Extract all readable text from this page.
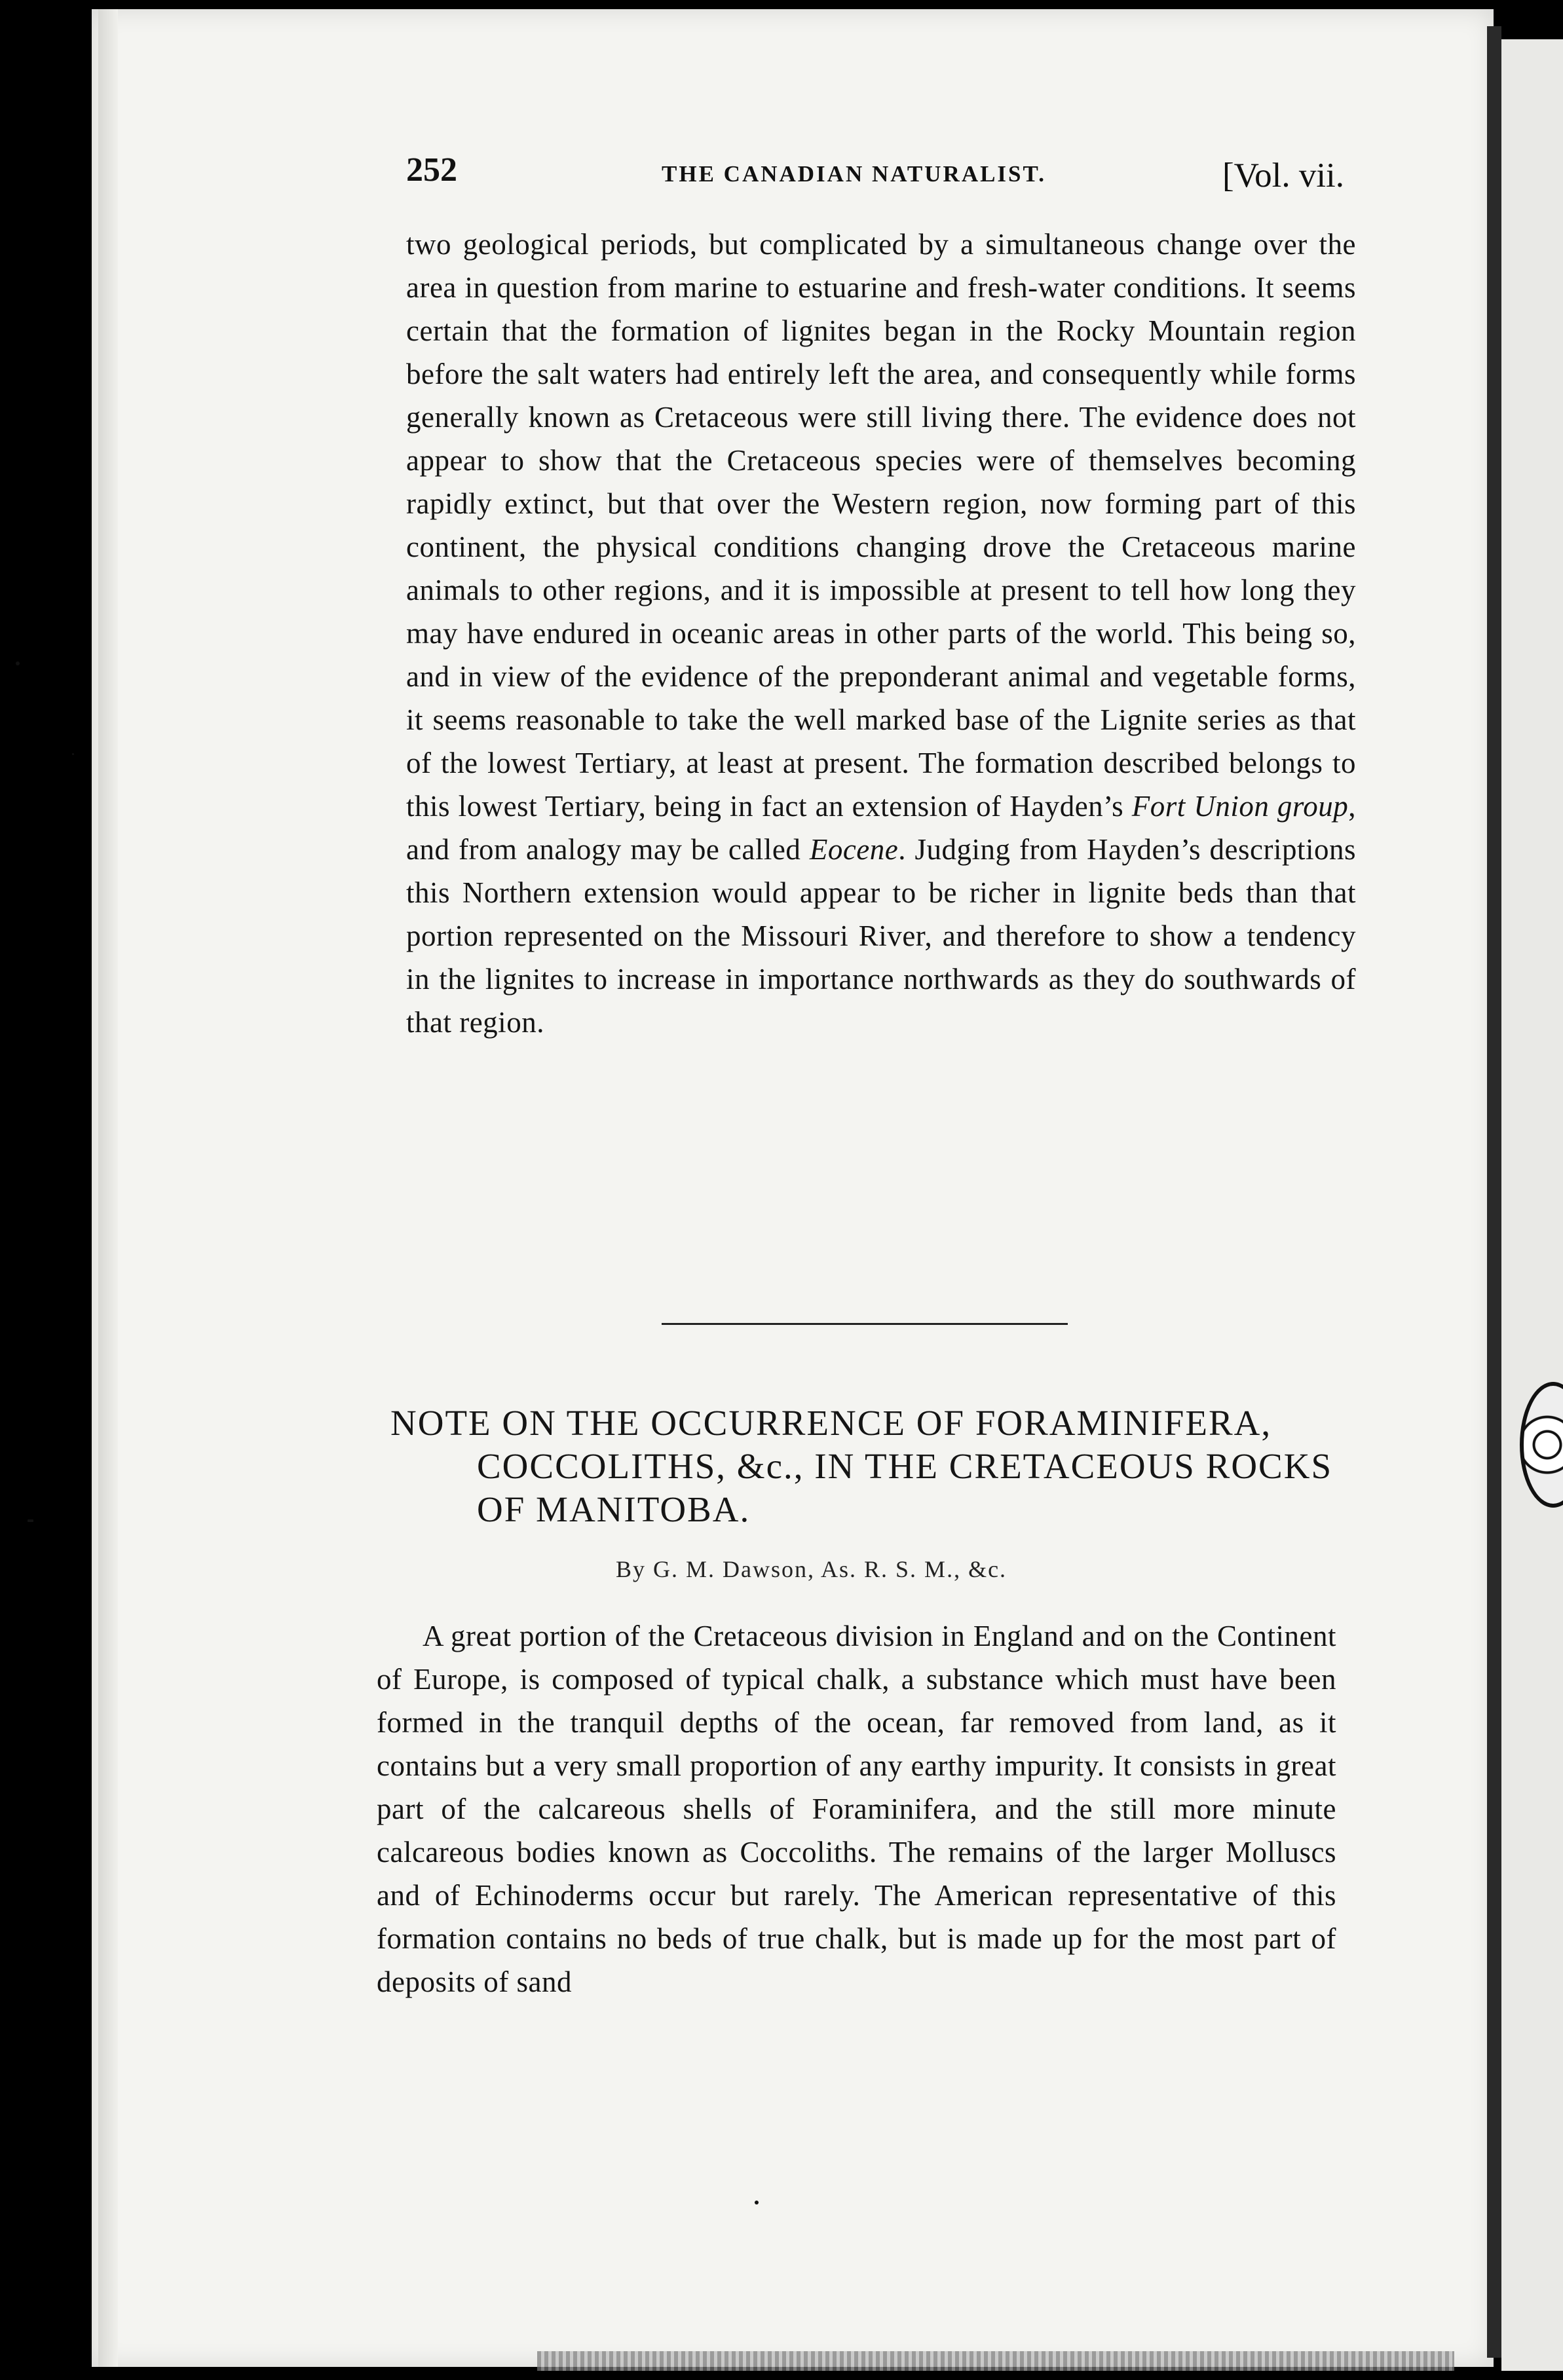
252	THE CANADIAN NATURALIST.	[Vol. vii.

two geological periods, but complicated by a simultaneous change over the area in question from marine to estuarine and fresh-water conditions. It seems certain that the formation of lignites began in the Rocky Mountain region before the salt waters had entirely left the area, and consequently while forms generally known as Cretaceous were still living there. The evidence does not appear to show that the Cretaceous species were of themselves becoming rapidly extinct, but that over the Western region, now forming part of this continent, the physical conditions changing drove the Cretaceous marine animals to other regions, and it is impossible at present to tell how long they may have endured in oceanic areas in other parts of the world. This being so, and in view of the evidence of the preponderant animal and vegetable forms, it seems reasonable to take the well marked base of the Lignite series as that of the lowest Tertiary, at least at present. The formation described belongs to this lowest Tertiary, being in fact an extension of Hayden’s Fort Union group, and from analogy may be called Eocene. Judging from Hayden’s descriptions this Northern extension would appear to be richer in lignite beds than that portion represented on the Missouri River, and therefore to show a tendency in the lignites to increase in importance northwards as they do southwards of that region.

NOTE ON THE OCCURRENCE OF FORAMINIFERA,
COCCOLITHS, &c., IN THE CRETACEOUS ROCKS
OF MANITOBA.
By G. M. Dawson, As. R. S. M., &c.

A great portion of the Cretaceous division in England and on the Continent of Europe, is composed of typical chalk, a substance which must have been formed in the tranquil depths of the ocean, far removed from land, as it contains but a very small proportion of any earthy impurity. It consists in great part of the calcareous shells of Foraminifera, and the still more minute calcareous bodies known as Coccoliths. The remains of the larger Molluscs and of Echinoderms occur but rarely. The American representative of this formation contains no beds of true chalk, but is made up for the most part of deposits of sand
